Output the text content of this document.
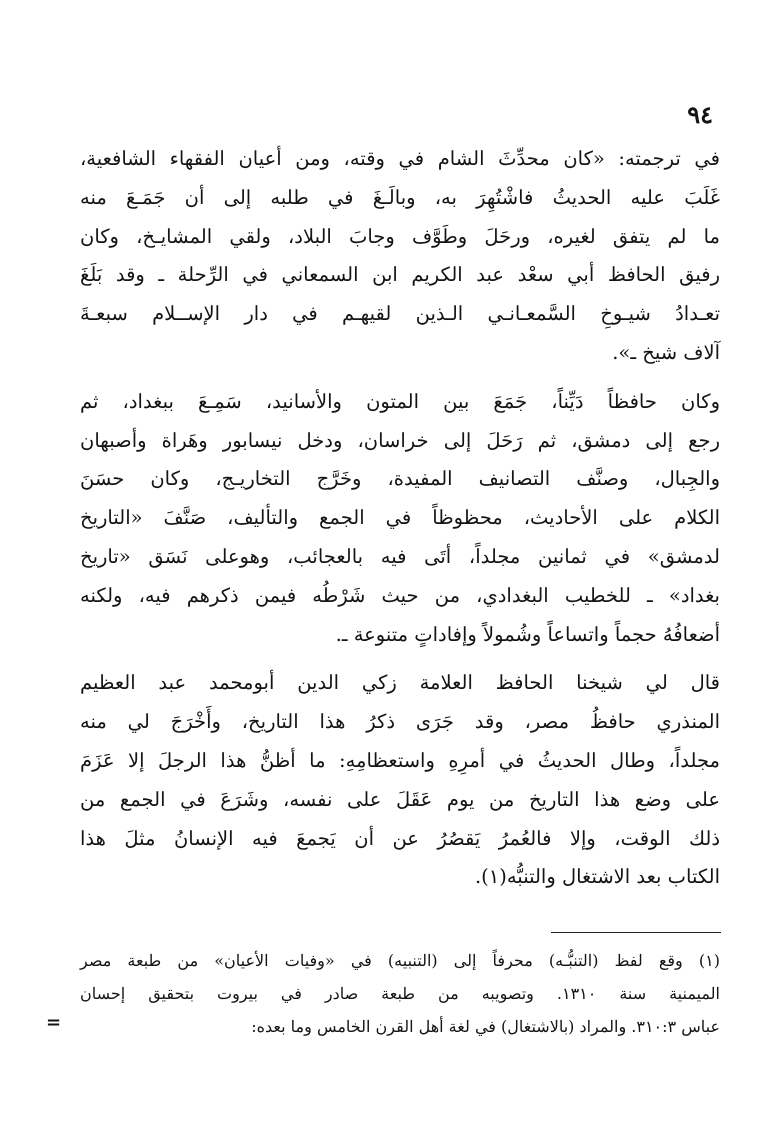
٩٤

في ترجمته: «كان محدِّثَ الشام في وقته، ومن أعيان الفقهاء الشافعية،
غَلَبَ عليه الحديثُ فاشْتُهِرَ به، وبالَـغَ في طلبه إلى أن جَمَـعَ منه
ما لم يتفق لغيره، ورحَلَ وطَوَّف وجابَ البلاد، ولقي المشايـخ، وكان
رفيق الحافظ أبي سعْد عبد الكريم ابن السمعاني في الرِّحلة ـ وقد بَلَغَ
تعـدادُ شيـوخِ السَّمعـانـي الـذين لقيهـم في دار الإســلام سبعـةَ
آلاف شيخ ـ».

وكان حافظاً دَيِّناً، جَمَعَ بين المتون والأسانيد، سَمِـعَ ببغداد، ثم
رجع إلى دمشق، ثم رَحَلَ إلى خراسان، ودخل نيسابور وهَراة وأصبهان
والجِبال، وصنَّف التصانيف المفيدة، وخَرَّج التخاريـج، وكان حسَنَ
الكلام على الأحاديث، محظوظاً في الجمع والتأليف، صَنَّفَ «التاريخ
لدمشق» في ثمانين مجلداً، أتَى فيه بالعجائب، وهوعلى نَسَق «تاريخ
بغداد» ـ للخطيب البغدادي، من حيث شَرْطُه فيمن ذكرهم فيه، ولكنه
أضعافُهُ حجماً واتساعاً وشُمولاً وإفاداتٍ متنوعة ـ.

قال لي شيخنا الحافظ العلامة زكي الدين أبومحمد عبد العظيم
المنذري حافظُ مصر، وقد جَرَى ذكرُ هذا التاريخ، وأَخْرَجَ لي منه
مجلداً، وطال الحديثُ في أمرِهِ واستعظامِهِ: ما أظنُّ هذا الرجلَ إلا عَزَمَ
على وضع هذا التاريخ من يوم عَقَلَ على نفسه، وشَرَعَ في الجمع من
ذلك الوقت، وإلا فالعُمرُ يَقصُرُ عن أن يَجمعَ فيه الإنسانُ مثلَ هذا
الكتاب بعد الاشتغال والتنبُّه(١).

(١) وقع لفظ (التنبُّـه) محرفاً إلى (التنبيه) في «وفيات الأعيان» من طبعة مصر
الميمنية سنة ١٣١٠. وتصويبه من طبعة صادر في بيروت بتحقيق إحسان
عباس ٣١٠:٣. والمراد (بالاشتغال) في لغة أهل القرن الخامس وما بعده:
=
